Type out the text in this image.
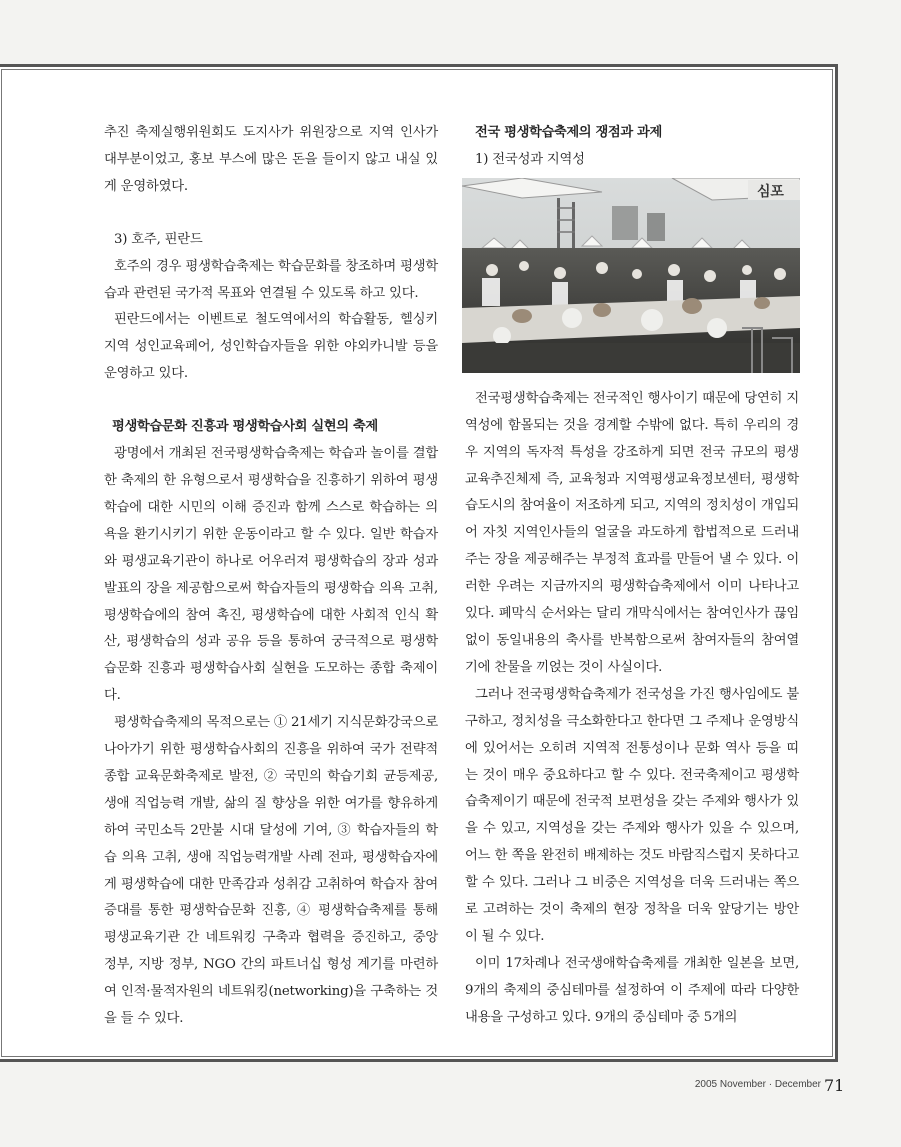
추진 축제실행위원회도 도지사가 위원장으로 지역 인사가 대부분이었고, 홍보 부스에 많은 돈을 들이지 않고 내실 있게 운영하였다.

3) 호주, 핀란드

호주의 경우 평생학습축제는 학습문화를 창조하며 평생학습과 관련된 국가적 목표와 연결될 수 있도록 하고 있다.

핀란드에서는 이벤트로 철도역에서의 학습활동, 헬싱키 지역 성인교육페어, 성인학습자들을 위한 야외카니발 등을 운영하고 있다.

평생학습문화 진흥과 평생학습사회 실현의 축제

광명에서 개최된 전국평생학습축제는 학습과 놀이를 결합한 축제의 한 유형으로서 평생학습을 진흥하기 위하여 평생학습에 대한 시민의 이해 증진과 함께 스스로 학습하는 의욕을 환기시키기 위한 운동이라고 할 수 있다. 일반 학습자와 평생교육기관이 하나로 어우러져 평생학습의 장과 성과 발표의 장을 제공함으로써 학습자들의 평생학습 의욕 고취, 평생학습에의 참여 촉진, 평생학습에 대한 사회적 인식 확산, 평생학습의 성과 공유 등을 통하여 궁극적으로 평생학습문화 진흥과 평생학습사회 실현을 도모하는 종합 축제이다.

평생학습축제의 목적으로는 ① 21세기 지식문화강국으로 나아가기 위한 평생학습사회의 진흥을 위하여 국가 전략적 종합 교육문화축제로 발전, ② 국민의 학습기회 균등제공, 생애 직업능력 개발, 삶의 질 향상을 위한 여가를 향유하게 하여 국민소득 2만불 시대 달성에 기여, ③ 학습자들의 학습 의욕 고취, 생애 직업능력개발 사례 전파, 평생학습자에게 평생학습에 대한 만족감과 성취감 고취하여 학습자 참여 증대를 통한 평생학습문화 진흥, ④ 평생학습축제를 통해 평생교육기관 간 네트워킹 구축과 협력을 증진하고, 중앙 정부, 지방 정부, NGO 간의 파트너십 형성 계기를 마련하여 인적·물적자원의 네트워킹(networking)을 구축하는 것을 들 수 있다.

전국 평생학습축제의 쟁점과 과제

1) 전국성과 지역성

심포

전국평생학습축제는 전국적인 행사이기 때문에 당연히 지역성에 함몰되는 것을 경계할 수밖에 없다. 특히 우리의 경우 지역의 독자적 특성을 강조하게 되면 전국 규모의 평생교육추진체제 즉, 교육청과 지역평생교육정보센터, 평생학습도시의 참여율이 저조하게 되고, 지역의 정치성이 개입되어 자칫 지역인사들의 얼굴을 과도하게 합법적으로 드러내주는 장을 제공해주는 부정적 효과를 만들어 낼 수 있다. 이러한 우려는 지금까지의 평생학습축제에서 이미 나타나고 있다. 폐막식 순서와는 달리 개막식에서는 참여인사가 끊임없이 동일내용의 축사를 반복함으로써 참여자들의 참여열기에 찬물을 끼얹는 것이 사실이다.

그러나 전국평생학습축제가 전국성을 가진 행사임에도 불구하고, 정치성을 극소화한다고 한다면 그 주제나 운영방식에 있어서는 오히려 지역적 전통성이나 문화 역사 등을 띠는 것이 매우 중요하다고 할 수 있다. 전국축제이고 평생학습축제이기 때문에 전국적 보편성을 갖는 주제와 행사가 있을 수 있고, 지역성을 갖는 주제와 행사가 있을 수 있으며, 어느 한 쪽을 완전히 배제하는 것도 바람직스럽지 못하다고 할 수 있다. 그러나 그 비중은 지역성을 더욱 드러내는 쪽으로 고려하는 것이 축제의 현장 정착을 더욱 앞당기는 방안이 될 수 있다.

이미 17차례나 전국생애학습축제를 개최한 일본을 보면, 9개의 축제의 중심테마를 설정하여 이 주제에 따라 다양한 내용을 구성하고 있다. 9개의 중심테마 중 5개의

2005 November · December 71
